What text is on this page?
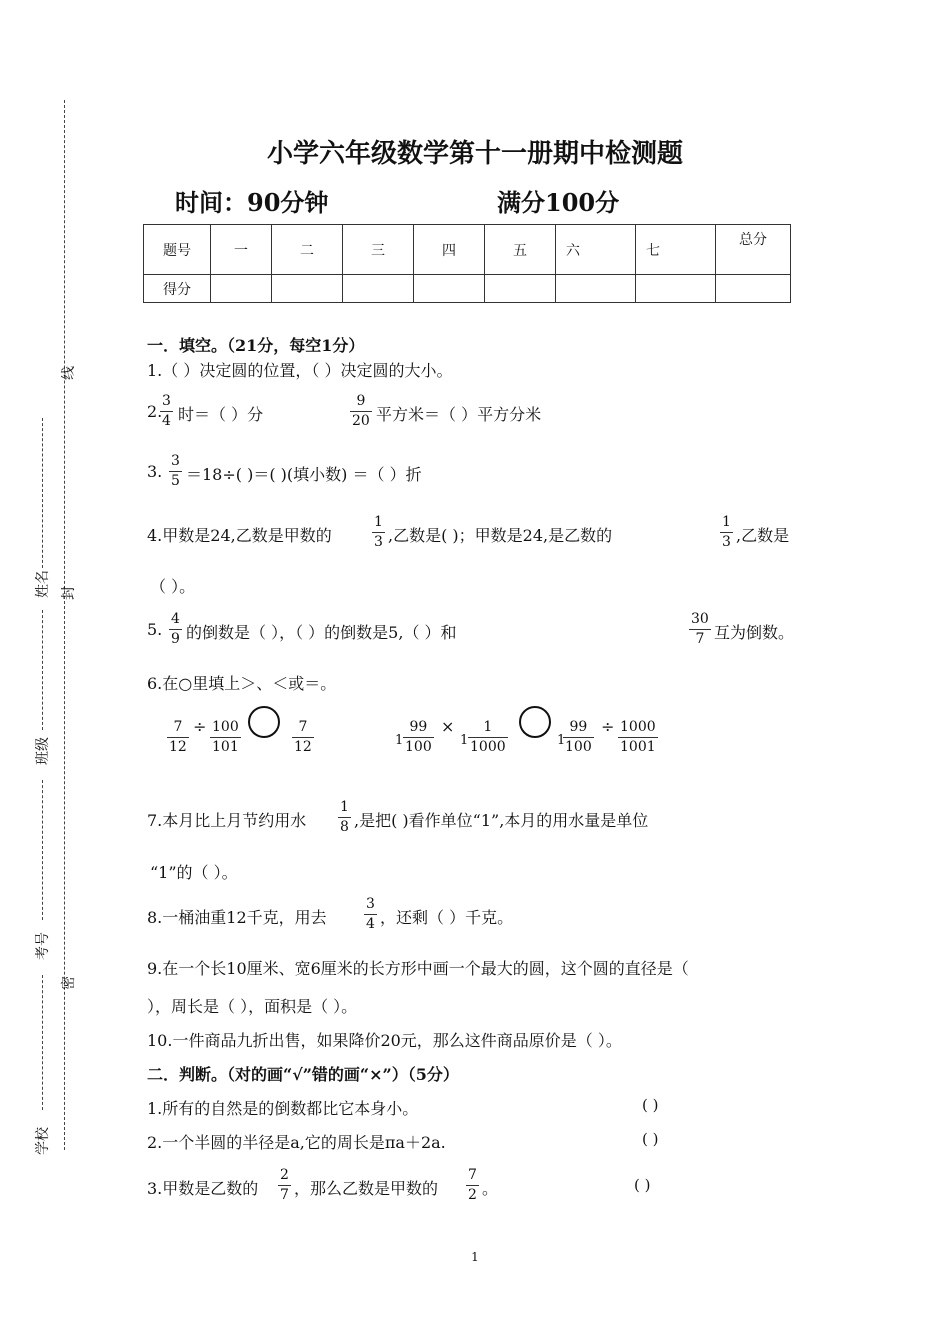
线
封
密
姓名
班级
考号
学校
小学六年级数学第十一册期中检测题
时间：90分钟	满分100分
题号	一	二	三	四	五	六	七	总分
得分								
一．填空。（21分，每空1分）
1.（ ）决定圆的位置，（ ）决定圆的大小。
2.
3
4 时＝（ ）分
9
20 平方米＝（ ）平方分米
3.
3
5 ＝18÷( )＝( )(填小数) ＝（ ）折
4.甲数是24,乙数是甲数的
1
3 ,乙数是( )；甲数是24,是乙数的
1
3 ,乙数是
（ ）。
5.
4
9 的倒数是（ ），（ ）的倒数是5,（ ）和
30
7 互为倒数。
6.在○里填上＞、＜或＝。
7
12
÷ 100
101
7
12	1
99
100
×
1
1
1000	1
99
100
÷ 1000
1001
7.本月比上月节约用水
1
8 ,是把( )看作单位“1”,本月的用水量是单位
“1”的（ ）。
8.一桶油重12千克，用去
3
4 ，还剩（ ）千克。
9.在一个长10厘米、宽6厘米的长方形中画一个最大的圆，这个圆的直径是（
），周长是（ ），面积是（ ）。
10.一件商品九折出售，如果降价20元，那么这件商品原价是（ ）。
二．判断。（对的画“√”错的画“×”）（5分）
1.所有的自然是的倒数都比它本身小。	( )
2.一个半圆的半径是a,它的周长是πa＋2a.	( )
3.甲数是乙数的
2
7 ，那么乙数是甲数的
7
2 。	( )
1
